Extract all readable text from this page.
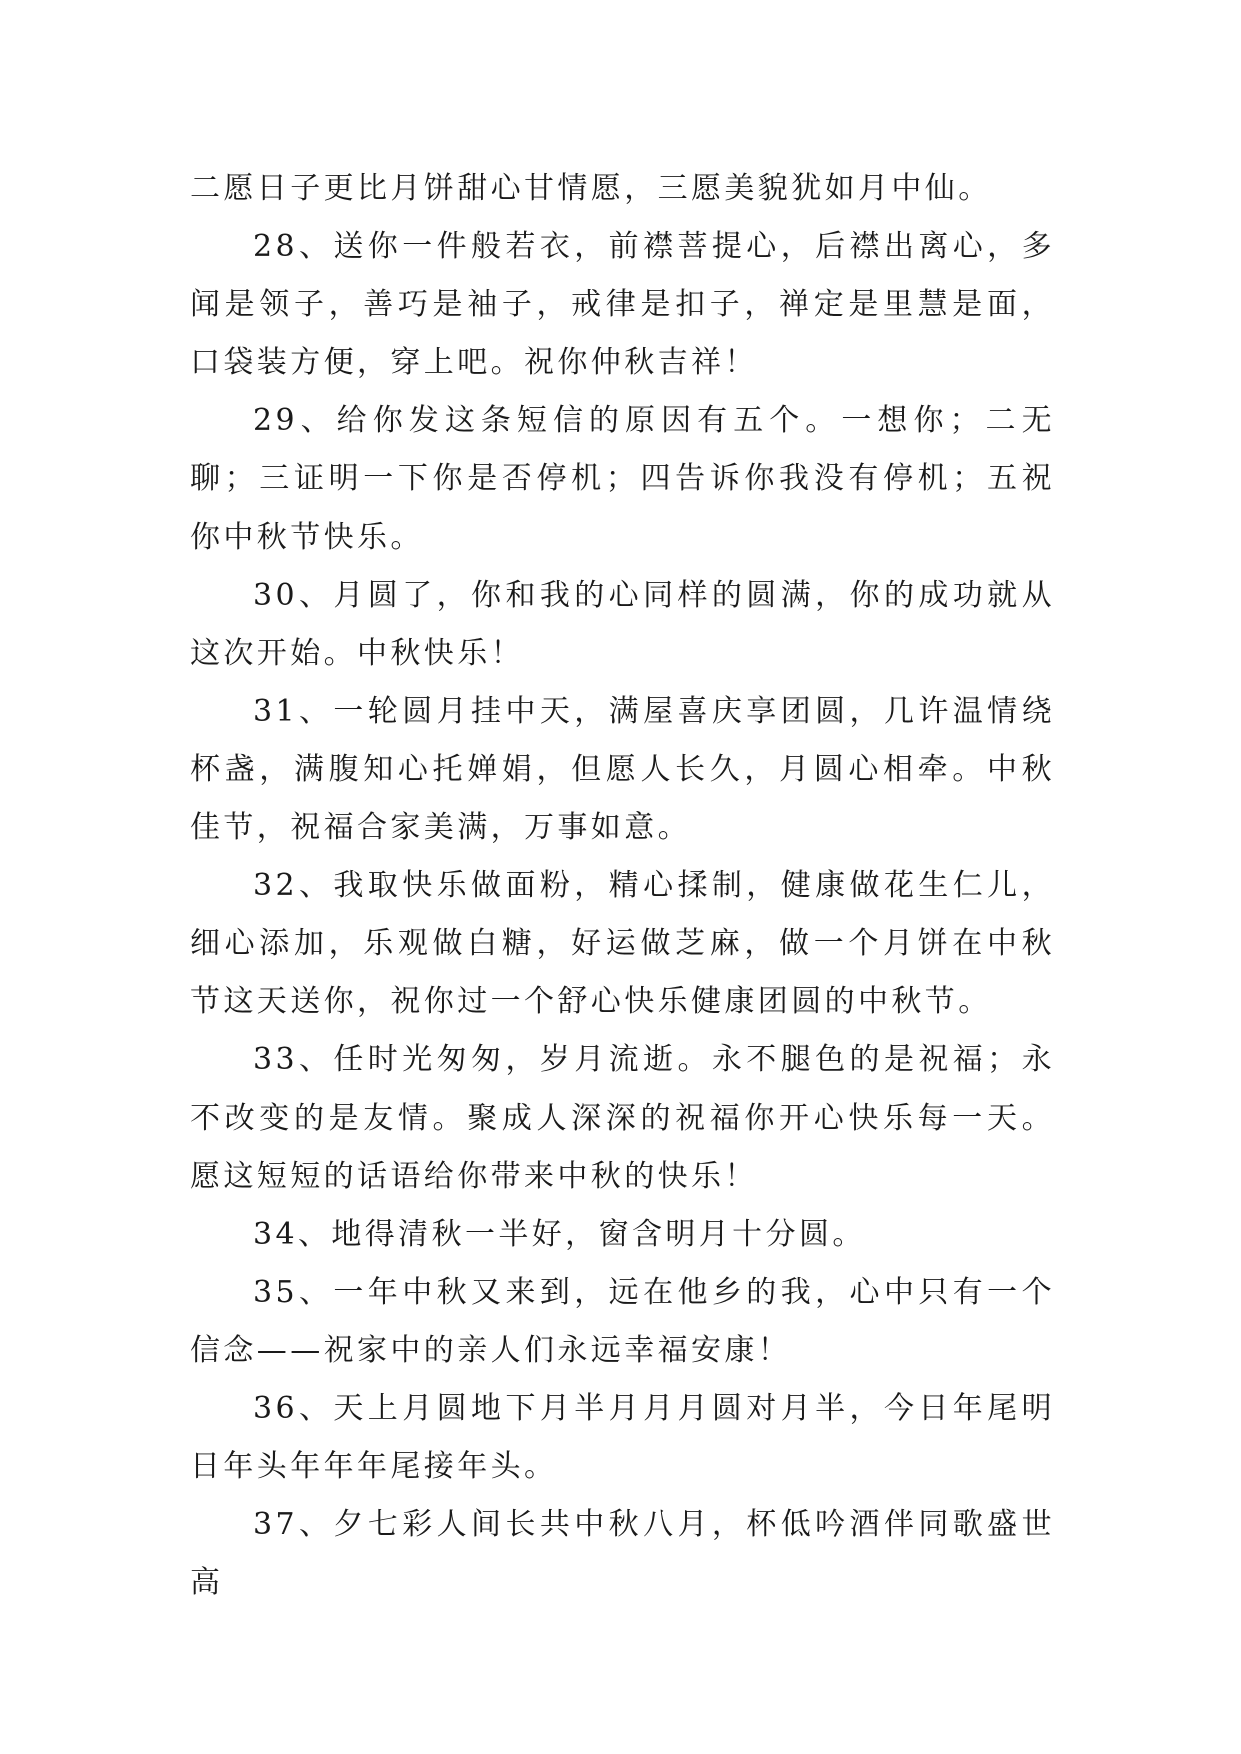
二愿日子更比月饼甜心甘情愿，三愿美貌犹如月中仙。

28、送你一件般若衣，前襟菩提心，后襟出离心，多闻是领子，善巧是袖子，戒律是扣子，禅定是里慧是面，口袋装方便，穿上吧。祝你仲秋吉祥！

29、给你发这条短信的原因有五个。一想你；二无聊；三证明一下你是否停机；四告诉你我没有停机；五祝你中秋节快乐。

30、月圆了，你和我的心同样的圆满，你的成功就从这次开始。中秋快乐！

31、一轮圆月挂中天，满屋喜庆享团圆，几许温情绕杯盏，满腹知心托婵娟，但愿人长久，月圆心相牵。中秋佳节，祝福合家美满，万事如意。

32、我取快乐做面粉，精心揉制，健康做花生仁儿，细心添加，乐观做白糖，好运做芝麻，做一个月饼在中秋节这天送你，祝你过一个舒心快乐健康团圆的中秋节。

33、任时光匆匆，岁月流逝。永不腿色的是祝福；永不改变的是友情。聚成人深深的祝福你开心快乐每一天。愿这短短的话语给你带来中秋的快乐！

34、地得清秋一半好，窗含明月十分圆。

35、一年中秋又来到，远在他乡的我，心中只有一个信念——祝家中的亲人们永远幸福安康！

36、天上月圆地下月半月月月圆对月半，今日年尾明日年头年年年尾接年头。

37、夕七彩人间长共中秋八月，杯低吟酒伴同歌盛世高
